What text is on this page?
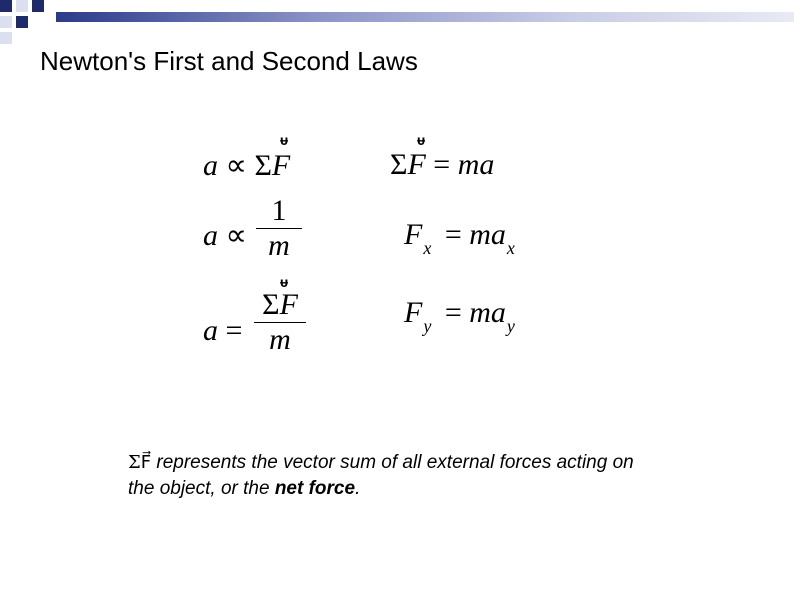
Newton's First and Second Laws
a ∝ ΣF
ᵾ
a ∝
1
m
a =
ΣF
m
ᵾ
ΣF = ma
ᵾ
$F_x = ma_x$
$F_y = ma_y$
ΣF⃗ represents the vector sum of all external forces acting on the object, or the net force.
